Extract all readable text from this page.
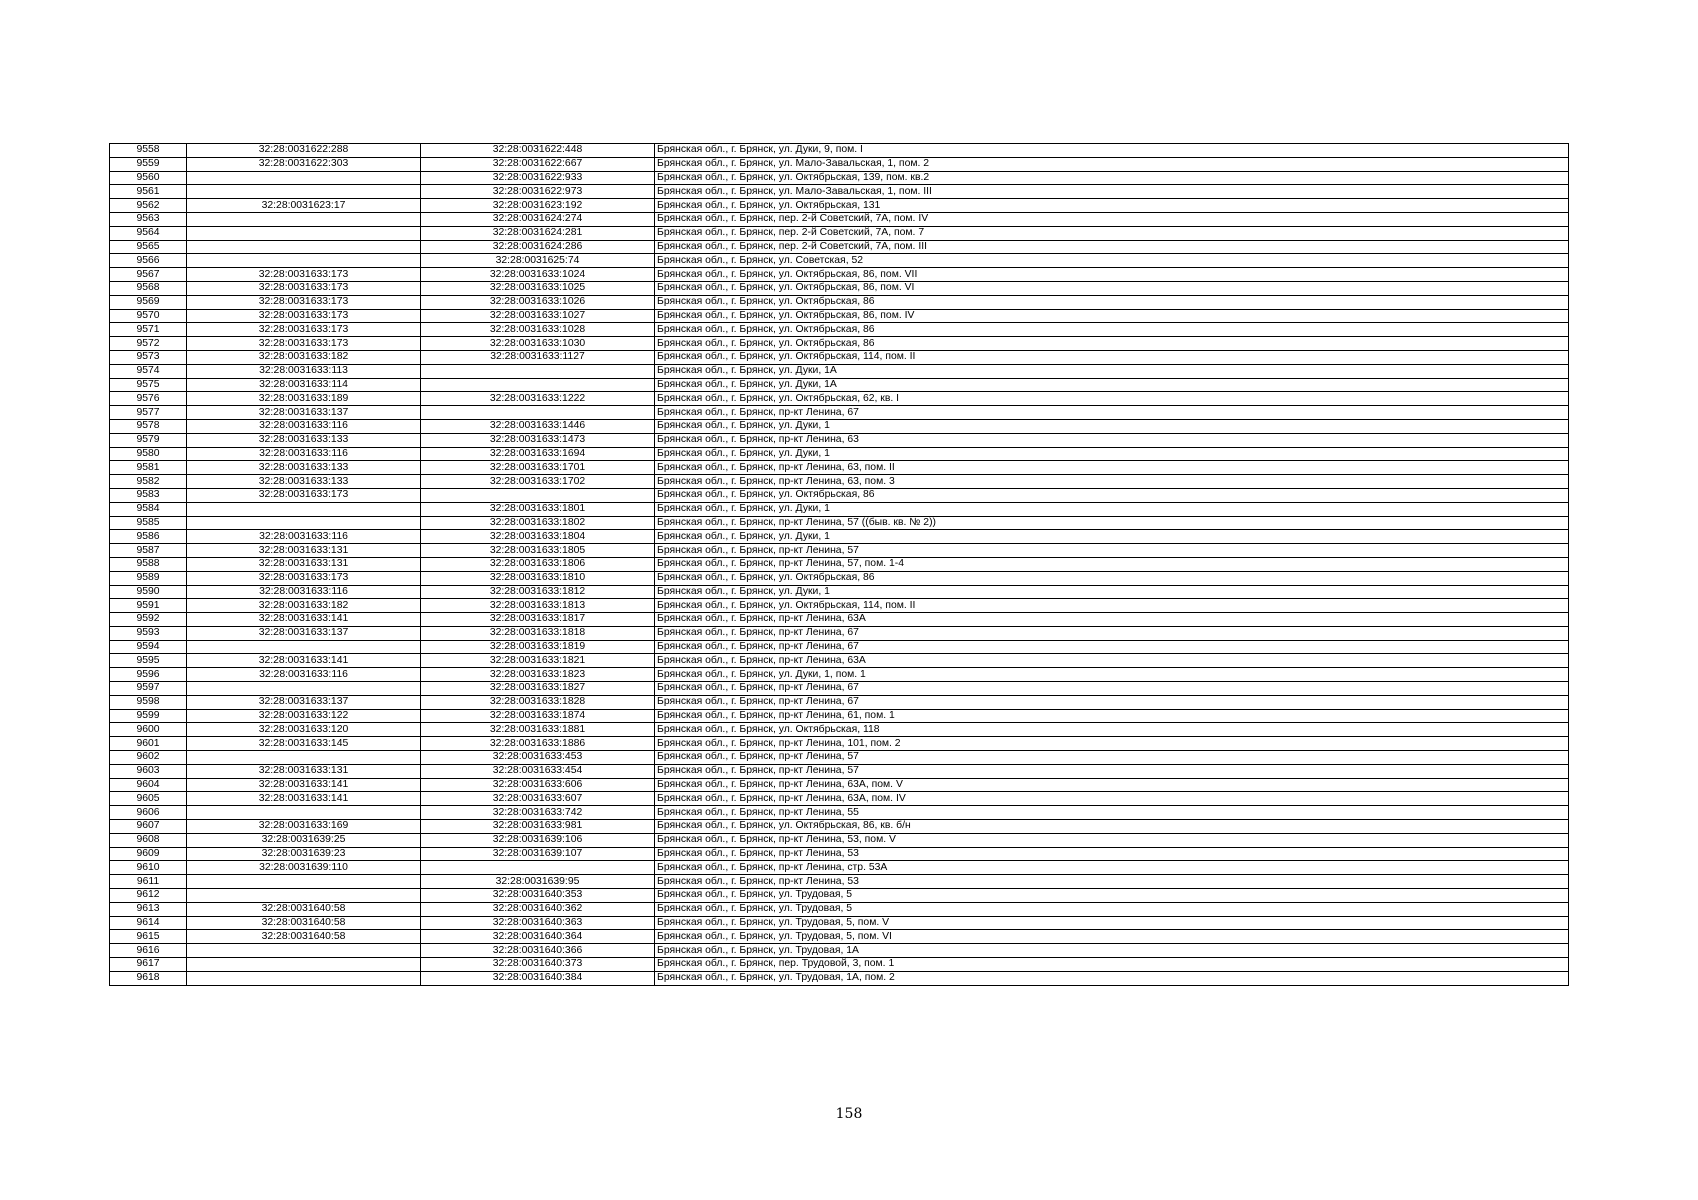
9558	32:28:0031622:288	32:28:0031622:448	Брянская обл., г. Брянск, ул. Дуки, 9, пом. I
9559	32:28:0031622:303	32:28:0031622:667	Брянская обл., г. Брянск, ул. Мало-Завальская, 1, пом. 2
9560		32:28:0031622:933	Брянская обл., г. Брянск, ул. Октябрьская, 139, пом. кв.2
9561		32:28:0031622:973	Брянская обл., г. Брянск, ул. Мало-Завальская, 1, пом. III
9562	32:28:0031623:17	32:28:0031623:192	Брянская обл., г. Брянск, ул. Октябрьская, 131
9563		32:28:0031624:274	Брянская обл., г. Брянск, пер. 2-й Советский, 7А, пом. IV
9564		32:28:0031624:281	Брянская обл., г. Брянск, пер. 2-й Советский, 7А, пом. 7
9565		32:28:0031624:286	Брянская обл., г. Брянск, пер. 2-й Советский, 7А, пом. III
9566		32:28:0031625:74	Брянская обл., г. Брянск, ул. Советская, 52
9567	32:28:0031633:173	32:28:0031633:1024	Брянская обл., г. Брянск, ул. Октябрьская, 86, пом. VII
9568	32:28:0031633:173	32:28:0031633:1025	Брянская обл., г. Брянск, ул. Октябрьская, 86, пом. VI
9569	32:28:0031633:173	32:28:0031633:1026	Брянская обл., г. Брянск, ул. Октябрьская, 86
9570	32:28:0031633:173	32:28:0031633:1027	Брянская обл., г. Брянск, ул. Октябрьская, 86, пом. IV
9571	32:28:0031633:173	32:28:0031633:1028	Брянская обл., г. Брянск, ул. Октябрьская, 86
9572	32:28:0031633:173	32:28:0031633:1030	Брянская обл., г. Брянск, ул. Октябрьская, 86
9573	32:28:0031633:182	32:28:0031633:1127	Брянская обл., г. Брянск, ул. Октябрьская, 114, пом. II
9574	32:28:0031633:113		Брянская обл., г. Брянск, ул. Дуки, 1А
9575	32:28:0031633:114		Брянская обл., г. Брянск, ул. Дуки, 1А
9576	32:28:0031633:189	32:28:0031633:1222	Брянская обл., г. Брянск, ул. Октябрьская, 62, кв. I
9577	32:28:0031633:137		Брянская обл., г. Брянск, пр-кт Ленина, 67
9578	32:28:0031633:116	32:28:0031633:1446	Брянская обл., г. Брянск, ул. Дуки, 1
9579	32:28:0031633:133	32:28:0031633:1473	Брянская обл., г. Брянск, пр-кт Ленина, 63
9580	32:28:0031633:116	32:28:0031633:1694	Брянская обл., г. Брянск, ул. Дуки, 1
9581	32:28:0031633:133	32:28:0031633:1701	Брянская обл., г. Брянск, пр-кт Ленина, 63, пом. II
9582	32:28:0031633:133	32:28:0031633:1702	Брянская обл., г. Брянск, пр-кт Ленина, 63, пом. 3
9583	32:28:0031633:173		Брянская обл., г. Брянск, ул. Октябрьская, 86
9584		32:28:0031633:1801	Брянская обл., г. Брянск, ул. Дуки, 1
9585		32:28:0031633:1802	Брянская обл., г. Брянск, пр-кт Ленина, 57 ((быв. кв. № 2))
9586	32:28:0031633:116	32:28:0031633:1804	Брянская обл., г. Брянск, ул. Дуки, 1
9587	32:28:0031633:131	32:28:0031633:1805	Брянская обл., г. Брянск, пр-кт Ленина, 57
9588	32:28:0031633:131	32:28:0031633:1806	Брянская обл., г. Брянск, пр-кт Ленина, 57, пом. 1-4
9589	32:28:0031633:173	32:28:0031633:1810	Брянская обл., г. Брянск, ул. Октябрьская, 86
9590	32:28:0031633:116	32:28:0031633:1812	Брянская обл., г. Брянск, ул. Дуки, 1
9591	32:28:0031633:182	32:28:0031633:1813	Брянская обл., г. Брянск, ул. Октябрьская, 114, пом. II
9592	32:28:0031633:141	32:28:0031633:1817	Брянская обл., г. Брянск, пр-кт Ленина, 63А
9593	32:28:0031633:137	32:28:0031633:1818	Брянская обл., г. Брянск, пр-кт Ленина, 67
9594		32:28:0031633:1819	Брянская обл., г. Брянск, пр-кт Ленина, 67
9595	32:28:0031633:141	32:28:0031633:1821	Брянская обл., г. Брянск, пр-кт Ленина, 63А
9596	32:28:0031633:116	32:28:0031633:1823	Брянская обл., г. Брянск, ул. Дуки, 1, пом. 1
9597		32:28:0031633:1827	Брянская обл., г. Брянск, пр-кт Ленина, 67
9598	32:28:0031633:137	32:28:0031633:1828	Брянская обл., г. Брянск, пр-кт Ленина, 67
9599	32:28:0031633:122	32:28:0031633:1874	Брянская обл., г. Брянск, пр-кт Ленина, 61, пом. 1
9600	32:28:0031633:120	32:28:0031633:1881	Брянская обл., г. Брянск, ул. Октябрьская, 118
9601	32:28:0031633:145	32:28:0031633:1886	Брянская обл., г. Брянск, пр-кт Ленина, 101, пом. 2
9602		32:28:0031633:453	Брянская обл., г. Брянск, пр-кт Ленина, 57
9603	32:28:0031633:131	32:28:0031633:454	Брянская обл., г. Брянск, пр-кт Ленина, 57
9604	32:28:0031633:141	32:28:0031633:606	Брянская обл., г. Брянск, пр-кт Ленина, 63А, пом. V
9605	32:28:0031633:141	32:28:0031633:607	Брянская обл., г. Брянск, пр-кт Ленина, 63А, пом. IV
9606		32:28:0031633:742	Брянская обл., г. Брянск, пр-кт Ленина, 55
9607	32:28:0031633:169	32:28:0031633:981	Брянская обл., г. Брянск, ул. Октябрьская, 86, кв. б/н
9608	32:28:0031639:25	32:28:0031639:106	Брянская обл., г. Брянск, пр-кт Ленина, 53, пом. V
9609	32:28:0031639:23	32:28:0031639:107	Брянская обл., г. Брянск, пр-кт Ленина, 53
9610	32:28:0031639:110		Брянская обл., г. Брянск, пр-кт Ленина, стр. 53А
9611		32:28:0031639:95	Брянская обл., г. Брянск, пр-кт Ленина, 53
9612		32:28:0031640:353	Брянская обл., г. Брянск, ул. Трудовая, 5
9613	32:28:0031640:58	32:28:0031640:362	Брянская обл., г. Брянск, ул. Трудовая, 5
9614	32:28:0031640:58	32:28:0031640:363	Брянская обл., г. Брянск, ул. Трудовая, 5, пом. V
9615	32:28:0031640:58	32:28:0031640:364	Брянская обл., г. Брянск, ул. Трудовая, 5, пом. VI
9616		32:28:0031640:366	Брянская обл., г. Брянск, ул. Трудовая, 1А
9617		32:28:0031640:373	Брянская обл., г. Брянск, пер. Трудовой, 3, пом. 1
9618		32:28:0031640:384	Брянская обл., г. Брянск, ул. Трудовая, 1А, пом. 2
158
